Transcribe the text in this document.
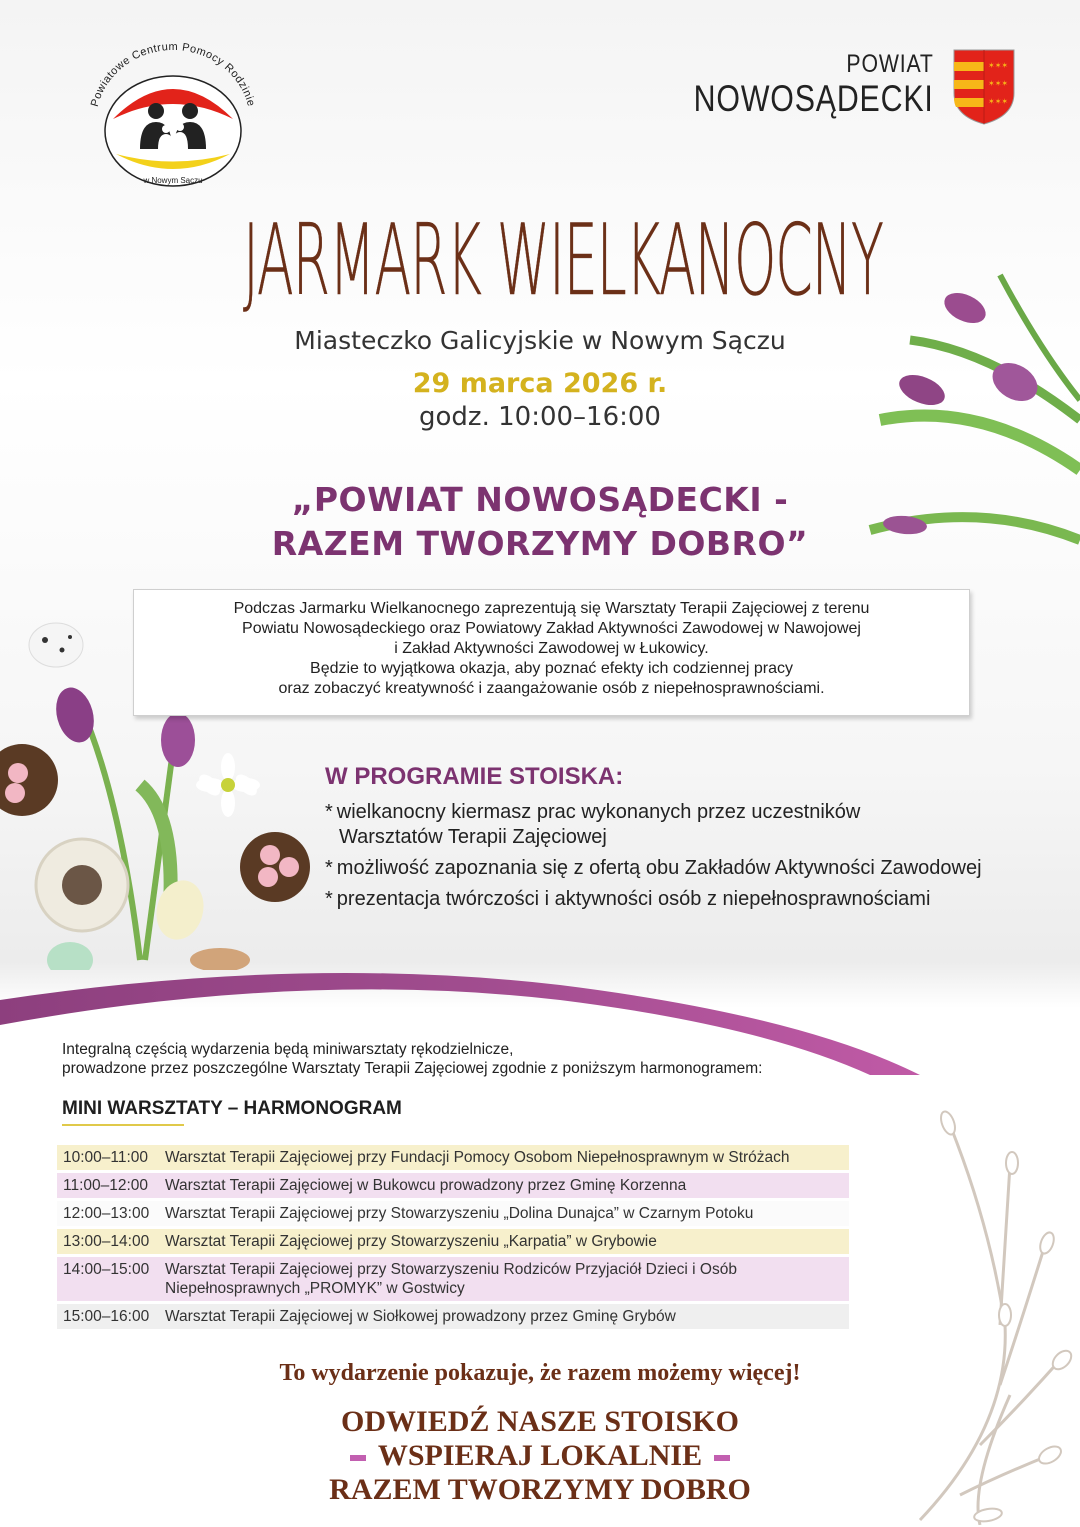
Powiatowe Centrum Pomocy Rodzinie
w Nowym Sączu
POWIAT
NOWOSĄDECKI
✶✶✶
✶✶✶
✶✶✶
JARMARK WIELKANOCNY
Miasteczko Galicyjskie w Nowym Sączu
29 marca 2026 r.
godz. 10:00–16:00
„POWIAT NOWOSĄDECKI -
RAZEM TWORZYMY DOBRO”
Podczas Jarmarku Wielkanocnego zaprezentują się Warsztaty Terapii Zajęciowej z terenu
Powiatu Nowosądeckiego oraz Powiatowy Zakład Aktywności Zawodowej w Nawojowej
i Zakład Aktywności Zawodowej w Łukowicy.
Będzie to wyjątkowa okazja, aby poznać efekty ich codziennej pracy
oraz zobaczyć kreatywność i zaangażowanie osób z niepełnosprawnościami.
W PROGRAMIE STOISKA:
* wielkanocny kiermasz prac wykonanych przez uczestników
Warsztatów Terapii Zajęciowej
* możliwość zapoznania się z ofertą obu Zakładów Aktywności Zawodowej
* prezentacja twórczości i aktywności osób z niepełnosprawnościami
Integralną częścią wydarzenia będą miniwarsztaty rękodzielnicze,
prowadzone przez poszczególne Warsztaty Terapii Zajęciowej zgodnie z poniższym harmonogramem:
MINI WARSZTATY – HARMONOGRAM
10:00–11:00	Warsztat Terapii Zajęciowej przy Fundacji Pomocy Osobom Niepełnosprawnym w Stróżach
11:00–12:00	Warsztat Terapii Zajęciowej w Bukowcu prowadzony przez Gminę Korzenna
12:00–13:00	Warsztat Terapii Zajęciowej przy Stowarzyszeniu „Dolina Dunajca” w Czarnym Potoku
13:00–14:00	Warsztat Terapii Zajęciowej przy Stowarzyszeniu „Karpatia” w Grybowie
14:00–15:00	Warsztat Terapii Zajęciowej przy Stowarzyszeniu Rodziców Przyjaciół Dzieci i Osób Niepełnosprawnych „PROMYK” w Gostwicy
15:00–16:00	Warsztat Terapii Zajęciowej w Siołkowej prowadzony przez Gminę Grybów
To wydarzenie pokazuje, że razem możemy więcej!
ODWIEDŹ NASZE STOISKO
WSPIERAJ LOKALNIE
RAZEM TWORZYMY DOBRO
